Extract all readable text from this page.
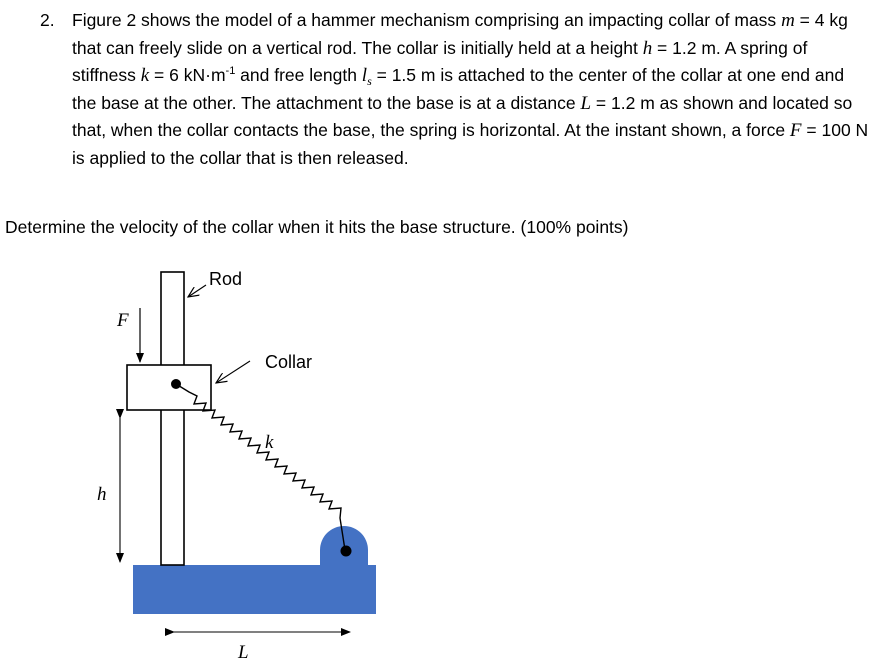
2. Figure 2 shows the model of a hammer mechanism comprising an impacting collar of mass m = 4 kg that can freely slide on a vertical rod. The collar is initially held at a height h = 1.2 m. A spring of stiffness k = 6 $kN\cdot m^{-1}$ and free length $l_s = 1.5$ m is attached to the center of the collar at one end and the base at the other. The attachment to the base is at a distance L = 1.2 m as shown and located so that, when the collar contacts the base, the spring is horizontal. At the instant shown, a force F = 100 N is applied to the collar that is then released.
Determine the velocity of the collar when it hits the base structure. (100% points)
F
h
L
Rod
Collar
k
